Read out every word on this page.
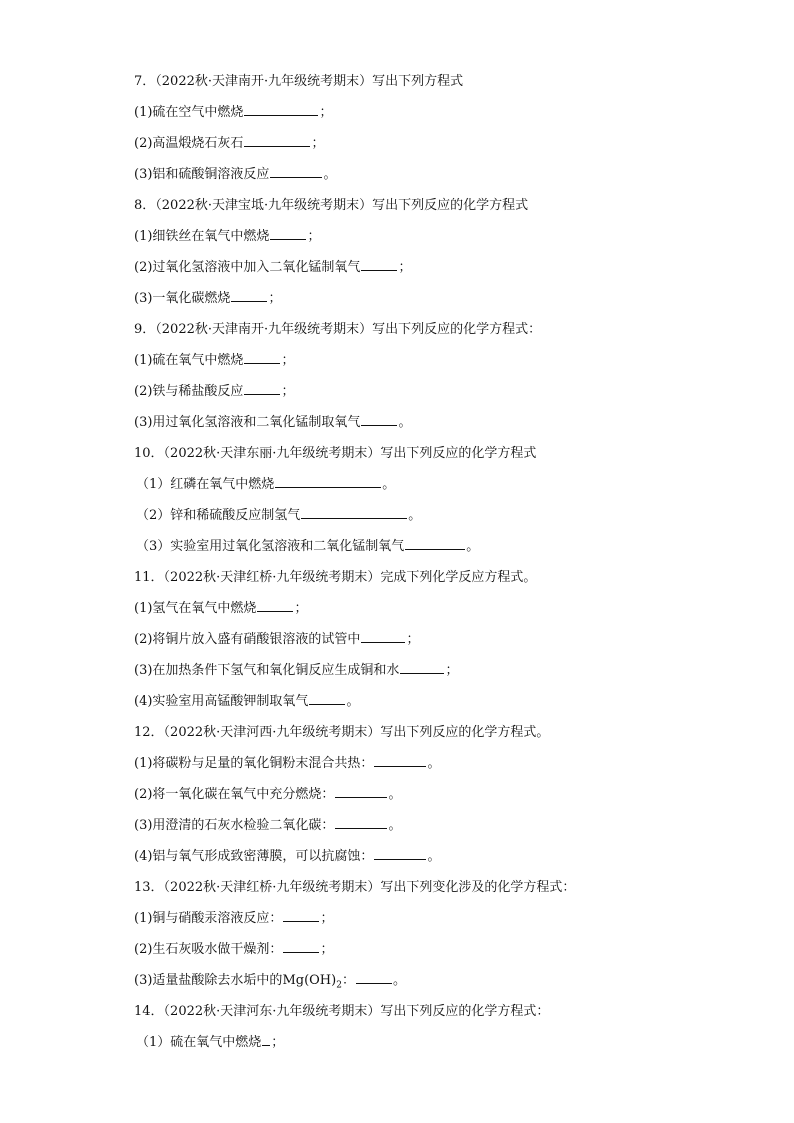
7．（2022秋·天津南开·九年级统考期末）写出下列方程式
(1)硫在空气中燃烧	；
(2)高温煅烧石灰石	；
(3)铝和硫酸铜溶液反应	。
8．（2022秋·天津宝坻·九年级统考期末）写出下列反应的化学方程式
(1)细铁丝在氧气中燃烧	；
(2)过氧化氢溶液中加入二氧化锰制氧气	；
(3)一氧化碳燃烧	；
9．（2022秋·天津南开·九年级统考期末）写出下列反应的化学方程式：
(1)硫在氧气中燃烧	；
(2)铁与稀盐酸反应	；
(3)用过氧化氢溶液和二氧化锰制取氧气	。
10．（2022秋·天津东丽·九年级统考期末）写出下列反应的化学方程式
（1）红磷在氧气中燃烧	。
（2）锌和稀硫酸反应制氢气	。
（3）实验室用过氧化氢溶液和二氧化锰制氧气	。
11．（2022秋·天津红桥·九年级统考期末）完成下列化学反应方程式。
(1)氢气在氧气中燃烧	；
(2)将铜片放入盛有硝酸银溶液的试管中	；
(3)在加热条件下氢气和氧化铜反应生成铜和水	；
(4)实验室用高锰酸钾制取氧气	。
12．（2022秋·天津河西·九年级统考期末）写出下列反应的化学方程式。
(1)将碳粉与足量的氧化铜粉末混合共热：	。
(2)将一氧化碳在氧气中充分燃烧：	。
(3)用澄清的石灰水检验二氧化碳：	。
(4)铝与氧气形成致密薄膜，可以抗腐蚀：	。
13．（2022秋·天津红桥·九年级统考期末）写出下列变化涉及的化学方程式：
(1)铜与硝酸汞溶液反应：	；
(2)生石灰吸水做干燥剂：	；
(3)适量盐酸除去水垢中的$Mg(OH)_2$：	。
14．（2022秋·天津河东·九年级统考期末）写出下列反应的化学方程式：
（1）硫在氧气中燃烧 ；
